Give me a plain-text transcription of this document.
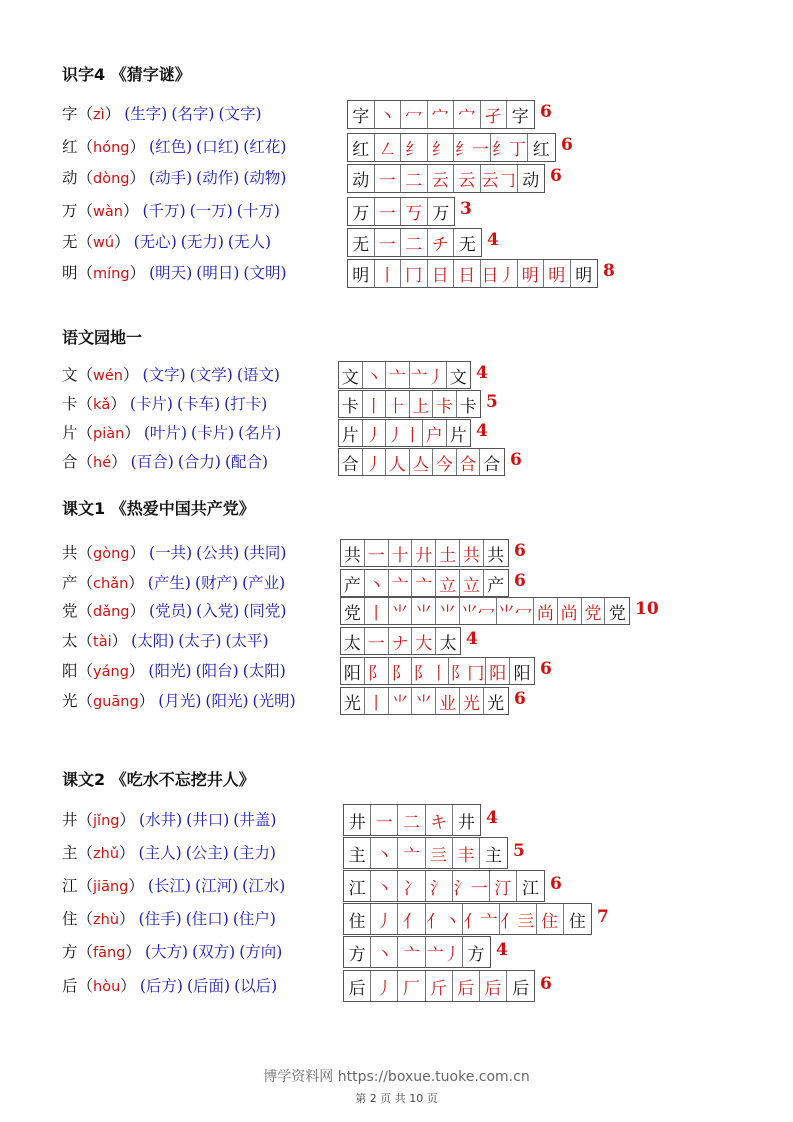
识字4 《猜字谜》
字（zì） (生字) (名字) (文字)	字 丶 冖 宀 宀 孑 字 6
红（hóng） (红色) (口红) (红花)	红 ㇜ 纟 纟 纟一 纟丁 红 6
动（dòng） (动手) (动作) (动物)	动 一 二 云 云 云𠃌 动 6
万（wàn） (千万) (一万) (十万)	万 一 丂 万 3
无（wú） (无心) (无力) (无人)	无 一 二 チ 无 4
明（míng） (明天) (明日) (文明)	明 丨 冂 日 日 日丿 明 明 明 8
语文园地一
文（wén） (文字) (文学) (语文)	文 丶 亠 亠丿 文 4
卡（kǎ） (卡片) (卡车) (打卡)	卡 丨 ⺊ 上 卡 卡 5
片（piàn） (叶片) (卡片) (名片)	片 丿 丿丨 户 片 4
合（hé） (百合) (合力) (配合)	合 丿 人 亼 今 合 合 6
课文1 《热爱中国共产党》
共（gòng） (一共) (公共) (共同)	共 一 十 廾 土 共 共 6
产（chǎn） (产生) (财产) (产业)	产 丶 亠 亠 立 立 产 6
党（dǎng） (党员) (入党) (同党)	党 丨 ⺌ ⺌ ⺌ ⺌冖 ⺌冖 尚 尚 党 党 10
太（tài） (太阳) (太子) (太平)	太 一 ナ 大 太 4
阳（yáng） (阳光) (阳台) (太阳)	阳 阝 阝 阝丨 阝冂 阳 阳 6
光（guāng） (月光) (阳光) (光明)	光 丨 ⺌ ⺌ 业 光 光 6
课文2 《吃水不忘挖井人》
井（jǐng） (水井) (井口) (井盖)	井 一 二 キ 井 4
主（zhǔ） (主人) (公主) (主力)	主 丶 亠 亖 丰 主 5
江（jiāng） (长江) (江河) (江水)	江 丶 冫 氵 氵一 汀 江 6
住（zhù） (住手) (住口) (住户)	住 丿 亻 亻丶 亻亠 亻亖 住 住 7
方（fāng） (大方) (双方) (方向)	方 丶 亠 亠丿 方 4
后（hòu） (后方) (后面) (以后)	后 丿 厂 斤 后 后 后 6
博学资料网 https://boxue.tuoke.com.cn
第 2 页 共 10 页
